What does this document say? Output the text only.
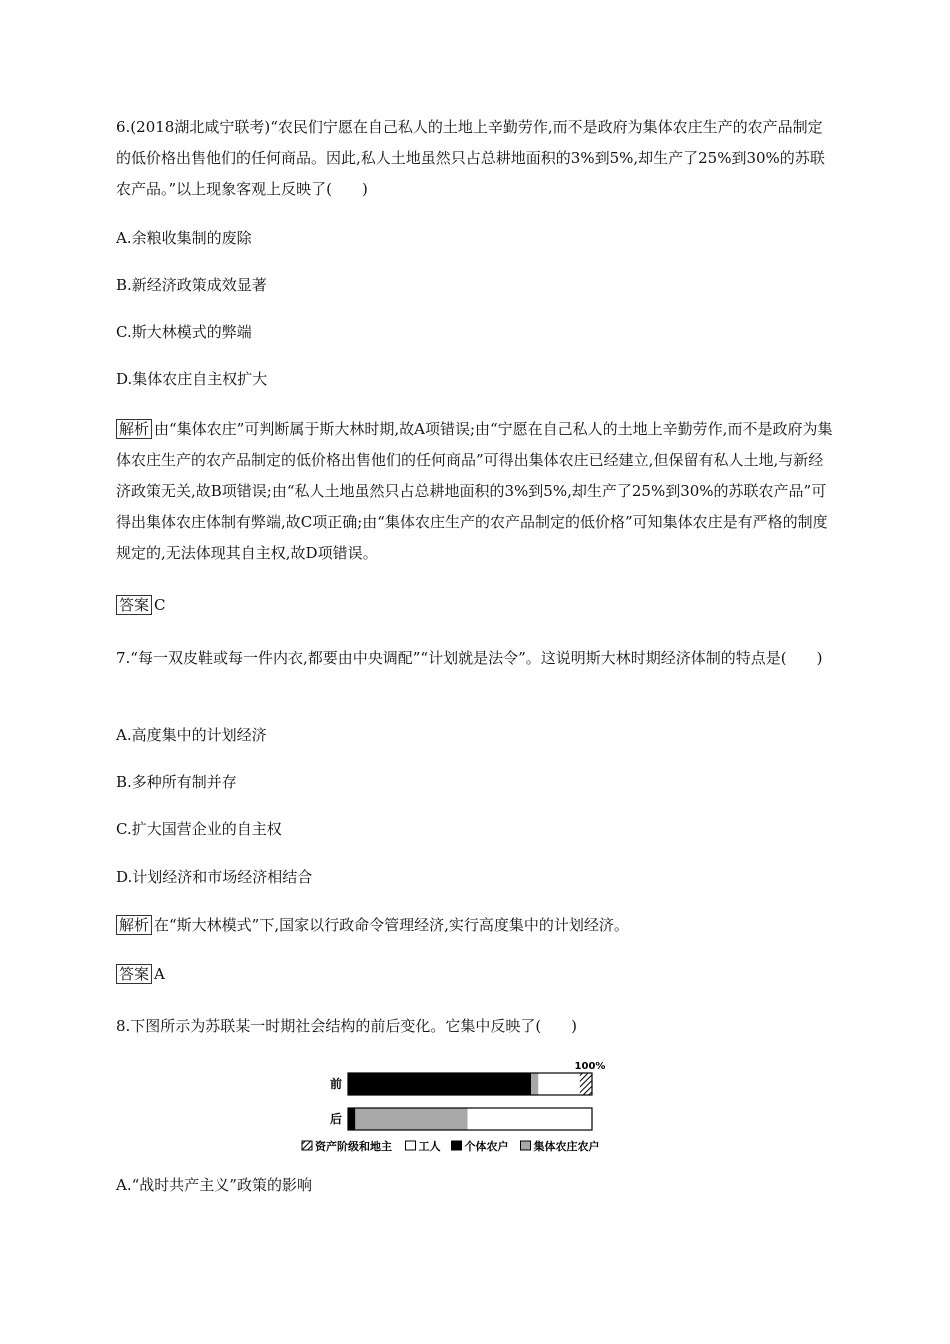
6.(2018湖北咸宁联考)“农民们宁愿在自己私人的土地上辛勤劳作,而不是政府为集体农庄生产的农产品制定的低价格出售他们的任何商品。因此,私人土地虽然只占总耕地面积的3%到5%,却生产了25%到30%的苏联农产品。”以上现象客观上反映了(　　)
A.余粮收集制的废除
B.新经济政策成效显著
C.斯大林模式的弊端
D.集体农庄自主权扩大
解析 由“集体农庄”可判断属于斯大林时期,故A项错误;由“宁愿在自己私人的土地上辛勤劳作,而不是政府为集体农庄生产的农产品制定的低价格出售他们的任何商品”可得出集体农庄已经建立,但保留有私人土地,与新经济政策无关,故B项错误;由“私人土地虽然只占总耕地面积的3%到5%,却生产了25%到30%的苏联农产品”可得出集体农庄体制有弊端,故C项正确;由“集体农庄生产的农产品制定的低价格”可知集体农庄是有严格的制度规定的,无法体现其自主权,故D项错误。
答案 C
7.“每一双皮鞋或每一件内衣,都要由中央调配”“计划就是法令”。这说明斯大林时期经济体制的特点是(　　)
A.高度集中的计划经济
B.多种所有制并存
C.扩大国营企业的自主权
D.计划经济和市场经济相结合
解析 在“斯大林模式”下,国家以行政命令管理经济,实行高度集中的计划经济。
答案 A
8.下图所示为苏联某一时期社会结构的前后变化。它集中反映了(　　)
100%
前
后
资产阶级和地主 工人 个体农户 集体农庄农户
A.“战时共产主义”政策的影响
